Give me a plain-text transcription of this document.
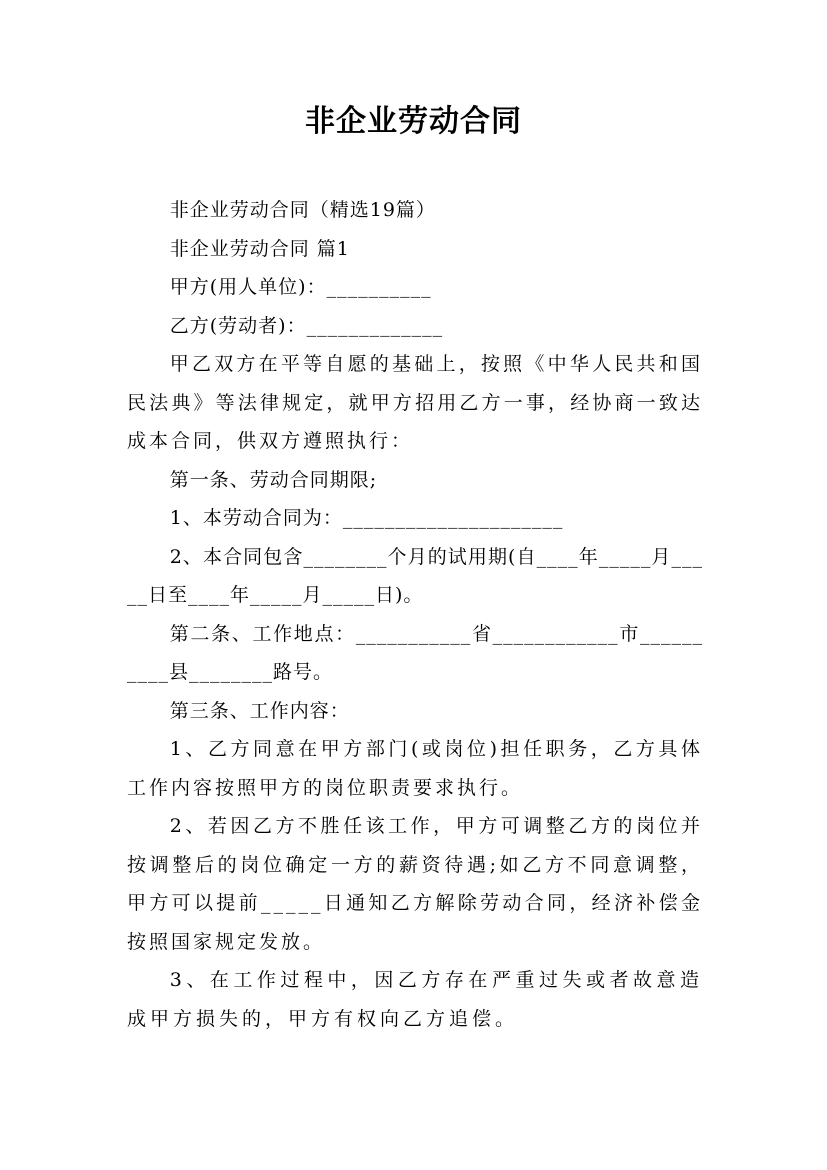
非企业劳动合同

非企业劳动合同（精选19篇）

非企业劳动合同 篇1

甲方(用人单位)：__________

乙方(劳动者)：_____________

甲乙双方在平等自愿的基础上，按照《中华人民共和国民法典》等法律规定，就甲方招用乙方一事，经协商一致达成本合同，供双方遵照执行：

第一条、劳动合同期限;

1、本劳动合同为：_____________________

2、本合同包含________个月的试用期(自____年_____月_____日至____年_____月_____日)。

第二条、工作地点：___________省____________市__________县________路号。

第三条、工作内容：

1、乙方同意在甲方部门(或岗位)担任职务，乙方具体工作内容按照甲方的岗位职责要求执行。

2、若因乙方不胜任该工作，甲方可调整乙方的岗位并按调整后的岗位确定一方的薪资待遇;如乙方不同意调整，甲方可以提前_____日通知乙方解除劳动合同，经济补偿金按照国家规定发放。

3、在工作过程中，因乙方存在严重过失或者故意造成甲方损失的，甲方有权向乙方追偿。
